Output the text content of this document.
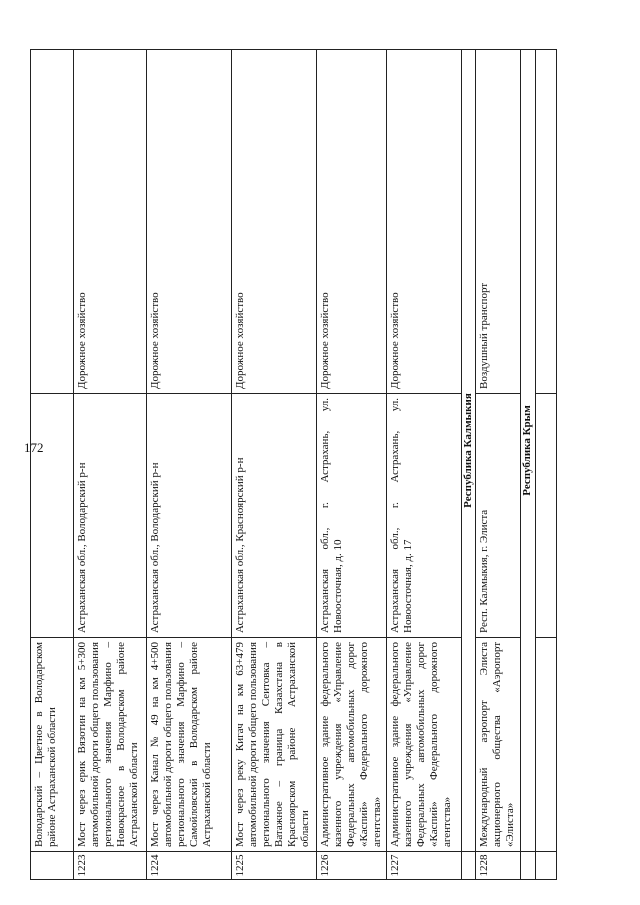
172
	Володарский – Цветное в Володарском районе Астраханской области		
1223	Мост через ерик Вязотин на км 5+300 автомобильной дороги общего пользования регионального значения Марфино – Новокрасное в Володарском районе Астраханской области	Астраханская обл., Володарский р-н	Дорожное хозяйство
1224	Мост через Канал № 49 на км 4+500 автомобильной дороги общего пользования регионального значения Марфино – Самойловский в Володарском районе Астраханской области	Астраханская обл., Володарский р-н	Дорожное хозяйство
1225	Мост через реку Кигач на км 63+479 автомобильной дороги общего пользования регионального значения Сеитовка – Ватажное – граница Казахстана в Красноярском районе Астраханской области	Астраханская обл., Красноярский р-н	Дорожное хозяйство
1226	Административное здание федерального казенного учреждения «Управление Федеральных автомобильных дорог «Каспий» Федерального дорожного агентства»	Астраханская обл., г. Астрахань, ул. Новоосточная, д. 10	Дорожное хозяйство
1227	Административное здание федерального казенного учреждения «Управление Федеральных автомобильных дорог «Каспий» Федерального дорожного агентства»	Астраханская обл., г. Астрахань, ул. Новоосточная, д. 17	Дорожное хозяйство
	Республика Калмыкия		
1228	Международный аэропорт Элиста акционерного общества «Аэропорт «Элиста»	Респ. Калмыкия, г. Элиста	Воздушный транспорт
	Республика Крым		
